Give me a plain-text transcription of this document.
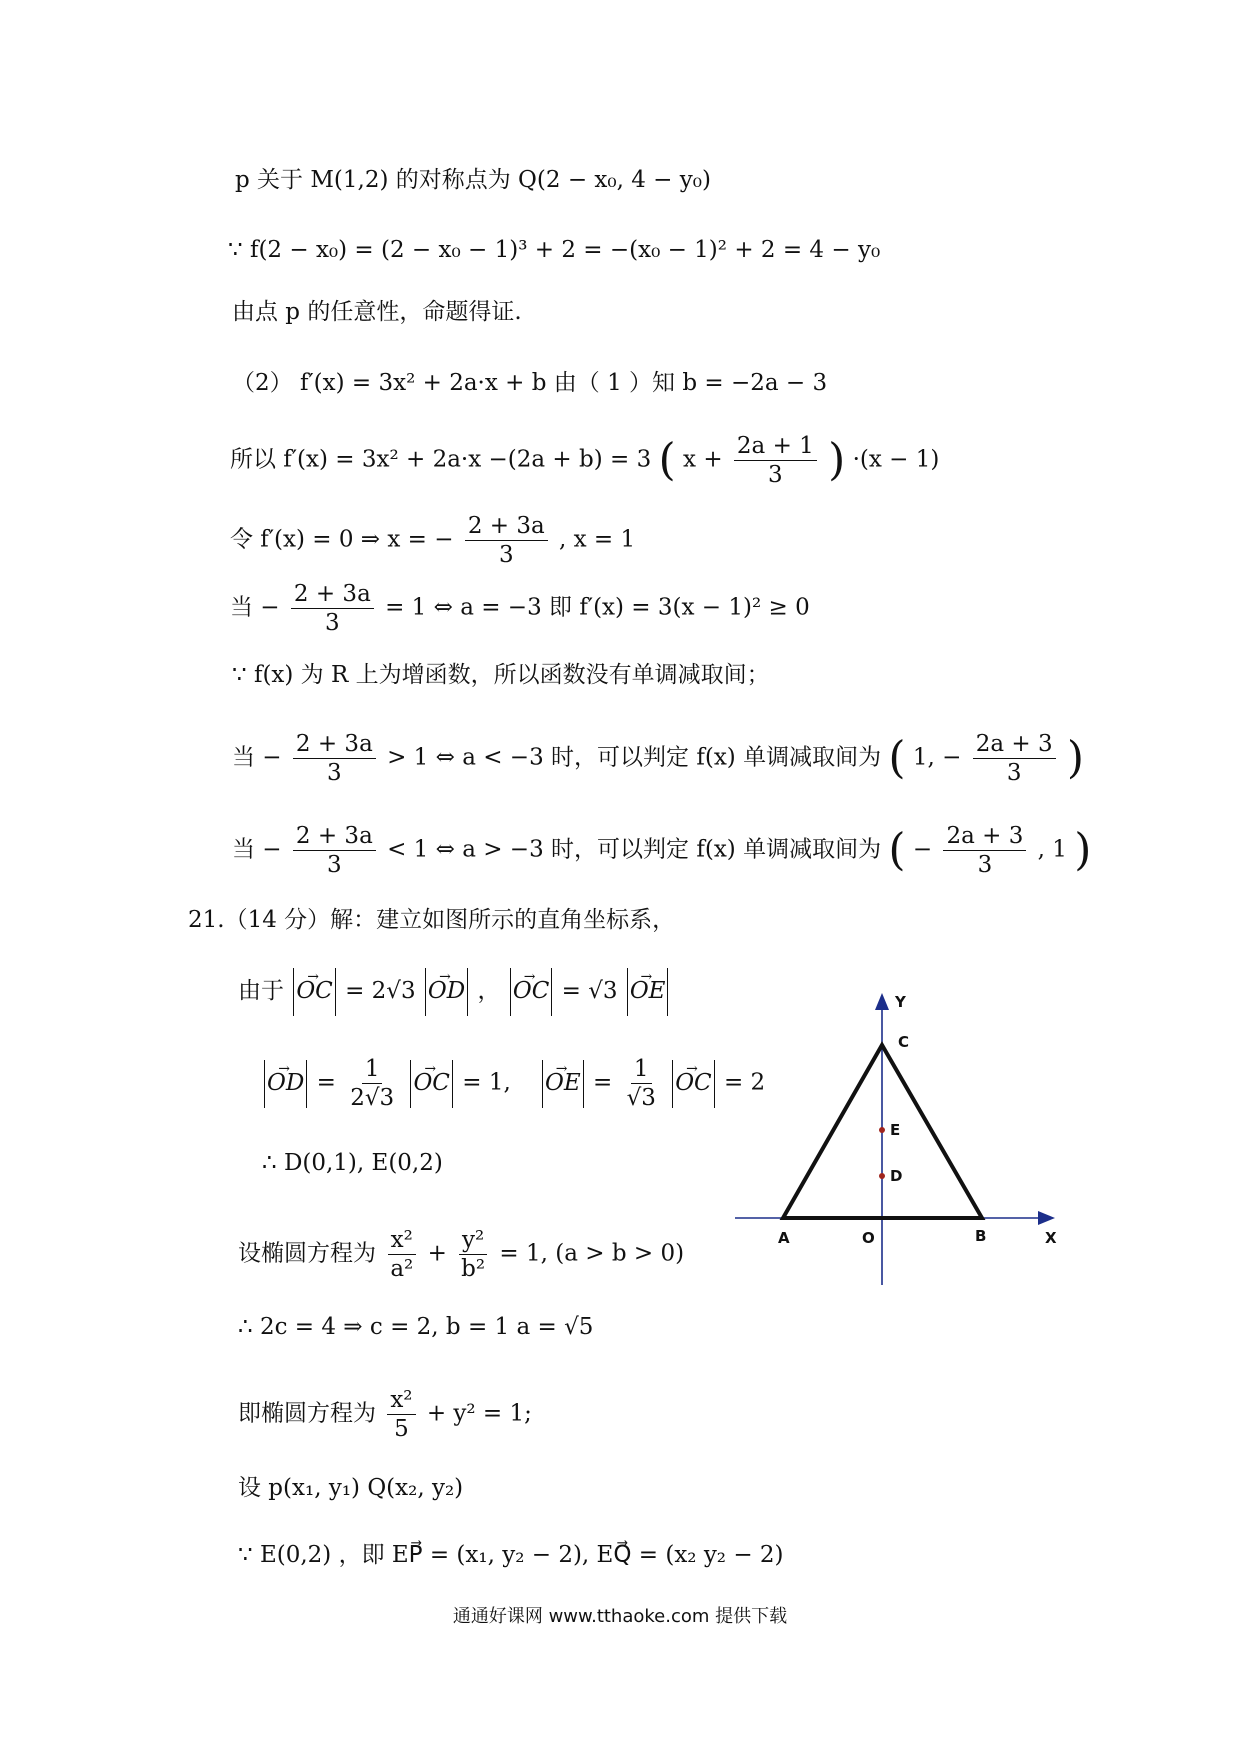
p 关于 M(1,2) 的对称点为 Q(2 − x₀, 4 − y₀)
∵ f(2 − x₀) = (2 − x₀ − 1)³ + 2 = −(x₀ − 1)² + 2 = 4 − y₀
由点 p 的任意性，命题得证.
（2） f′(x) = 3x² + 2a·x + b 由（ 1 ）知 b = −2a − 3
所以 f′(x) = 3x² + 2a·x −(2a + b) = 3 ( $x + \frac{2a + 1}{3}$ ) ·(x − 1)
令 f′(x) = 0 ⇒ x = − $\frac{2 + 3a}{3}$ , x = 1
当 − $\frac{2 + 3a}{3} = 1$ ⇔ a = −3 即 f′(x) = 3(x − 1)² ≥ 0
∵ f(x) 为 R 上为增函数，所以函数没有单调减取间；
当 − $\frac{2 + 3a}{3} > 1$ ⇔ a < −3 时，可以判定 f(x) 单调减取间为 ( 1, − $\frac{2a + 3}{3}$ )
当 − $\frac{2 + 3a}{3} < 1$ ⇔ a > −3 时，可以判定 f(x) 单调减取间为 ( − $\frac{2a + 3}{3}$ , 1 )
21.（14 分）解：建立如图所示的直角坐标系，
由于 → OC = 2√3 → OD ， → OC = √3 → OE
→ OD = $\frac{1}{2√3}$ → OC = 1, → OE = $\frac{1}{√3}$ → OC = 2
∴ D(0,1), E(0,2)
设椭圆方程为 $\frac{\text{x²}}{\text{a²}} + \frac{\text{y²}}{\text{b²}} = 1$, (a > b > 0)
∴ 2c = 4 ⇒ c = 2, b = 1 a = √5
即椭圆方程为 $\frac{\text{x²}}{5} + y^2 = 1$;
设 p(x₁, y₁) Q(x₂, y₂)
∵ E(0,2) ，即 EP⃗ = (x₁, y₂ − 2), EQ⃗ = (x₂ y₂ − 2)
Y
C
E
D
A	O	B	X
通通好课网 www.tthaoke.com 提供下载
